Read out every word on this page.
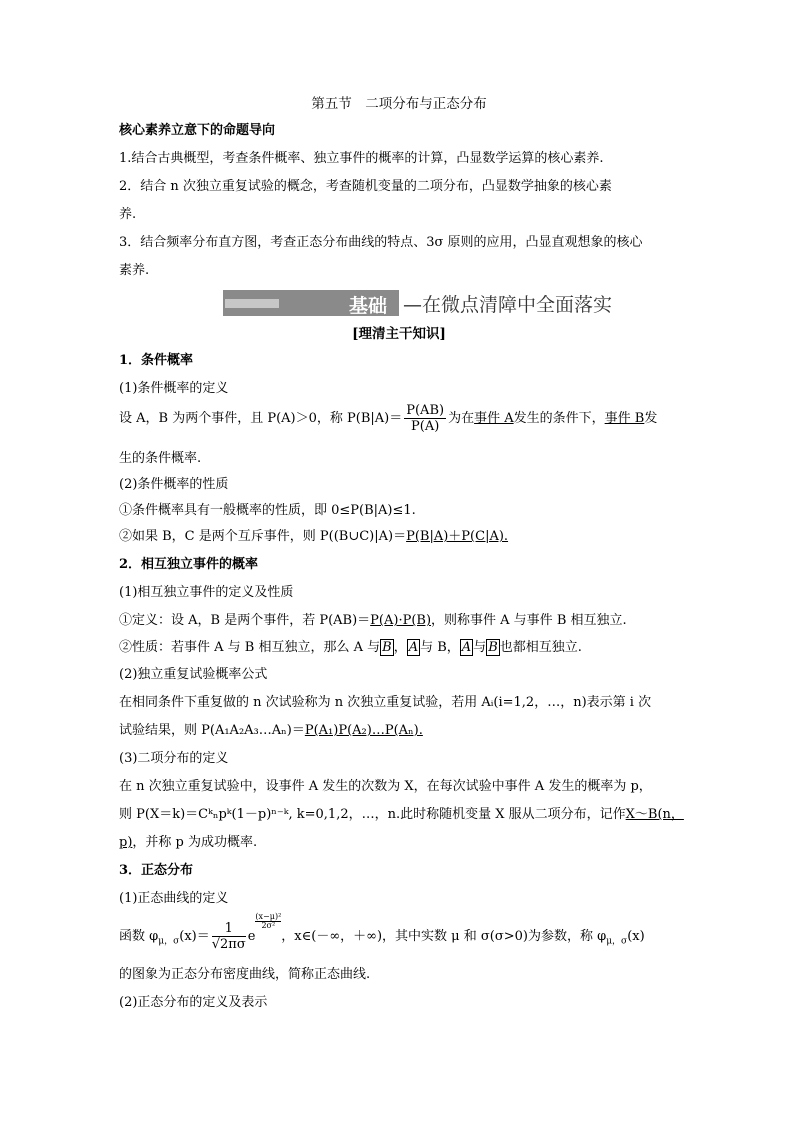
第五节　二项分布与正态分布
核心素养立意下的命题导向
1.结合古典概型，考查条件概率、独立事件的概率的计算，凸显数学运算的核心素养.
2．结合 n 次独立重复试验的概念，考查随机变量的二项分布，凸显数学抽象的核心素
养.
3．结合频率分布直方图，考查正态分布曲线的特点、3σ 原则的应用，凸显直观想象的核心
素养.
基础 —在微点清障中全面落实
[理清主干知识]
1．条件概率
(1)条件概率的定义
设 A，B 为两个事件，且 P(A)＞0，称 $P(B|A)= \frac{P(AB)}{P(A)}$ 为在事件 A发生的条件下，事件 B发
生的条件概率.
(2)条件概率的性质
①条件概率具有一般概率的性质，即 0≤P(B|A)≤1.
②如果 B，C 是两个互斥事件，则 P((B∪C)|A)＝P(B|A)＋P(C|A).
2．相互独立事件的概率
(1)相互独立事件的定义及性质
①定义：设 A，B 是两个事件，若 P(AB)＝P(A)·P(B)，则称事件 A 与事件 B 相互独立.
②性质：若事件 A 与 B 相互独立，那么 A 与 B ， A 与 B， A 与 B 也都相互独立.
(2)独立重复试验概率公式
在相同条件下重复做的 n 次试验称为 n 次独立重复试验，若用 Aᵢ(i=1,2，…，n)表示第 i 次
试验结果，则 P(A₁A₂A₃…Aₙ)＝P(A₁)P(A₂)…P(Aₙ).
(3)二项分布的定义
在 n 次独立重复试验中，设事件 A 发生的次数为 X，在每次试验中事件 A 发生的概率为 p，
则 P(X＝k)＝Cᵏₙpᵏ(1－p)ⁿ⁻ᵏ, k=0,1,2，…，n.此时称随机变量 X 服从二项分布，记作X～B(n，
p)，并称 p 为成功概率.
3．正态分布
(1)正态曲线的定义
函数 $\varphi_{\mu,\sigma}(x)= \frac{1}{√2\pi\sigma}$ e
$\frac{\text{(x−μ)²}}{\text{2σ²}}$，x∈(－∞，＋∞)，其中实数 μ 和 σ(σ>0)为参数，称 $\varphi_{\mu,\sigma}(x)$
的图象为正态分布密度曲线，简称正态曲线.
(2)正态分布的定义及表示
